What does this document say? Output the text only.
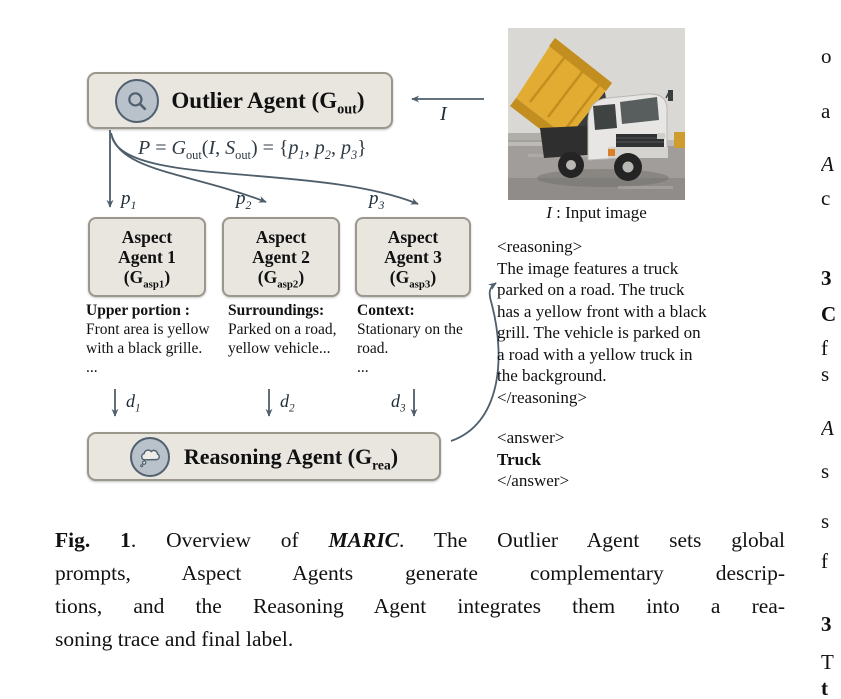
Outlier Agent $(G_{out})$
I
$P = G_{out}(I$, $S_{out}) = \{p_1$, $p_2$, $p_3$}
$p_1$	$p_2$	$p_3$
Aspect
Agent 1
$(G_{asp1})$
Aspect
Agent 2
$(G_{asp2})$
Aspect
Agent 3
$(G_{asp3})$
Upper portion :
Front area is yellow with a black grille.
...
Surroundings:
Parked on a road, yellow vehicle...
Context:
Stationary on the road.
...
$d_1$	$d_2$	$d_3$
Reasoning Agent $(G_{rea})$
I : Input image
<reasoning>
The image features a truck
parked on a road. The truck
has a yellow front with a black
grill. The vehicle is parked on
a road with a yellow truck in
the background.
</reasoning>
<answer>
Truck
</answer>
Fig. 1. Overview of MARIC. The Outlier Agent sets global
prompts, Aspect Agents generate complementary descrip-
tions, and the Reasoning Agent integrates them into a rea-
soning trace and final label.
o
a
A
c
3
C
f
s
A
s
s
f
3
T
t
